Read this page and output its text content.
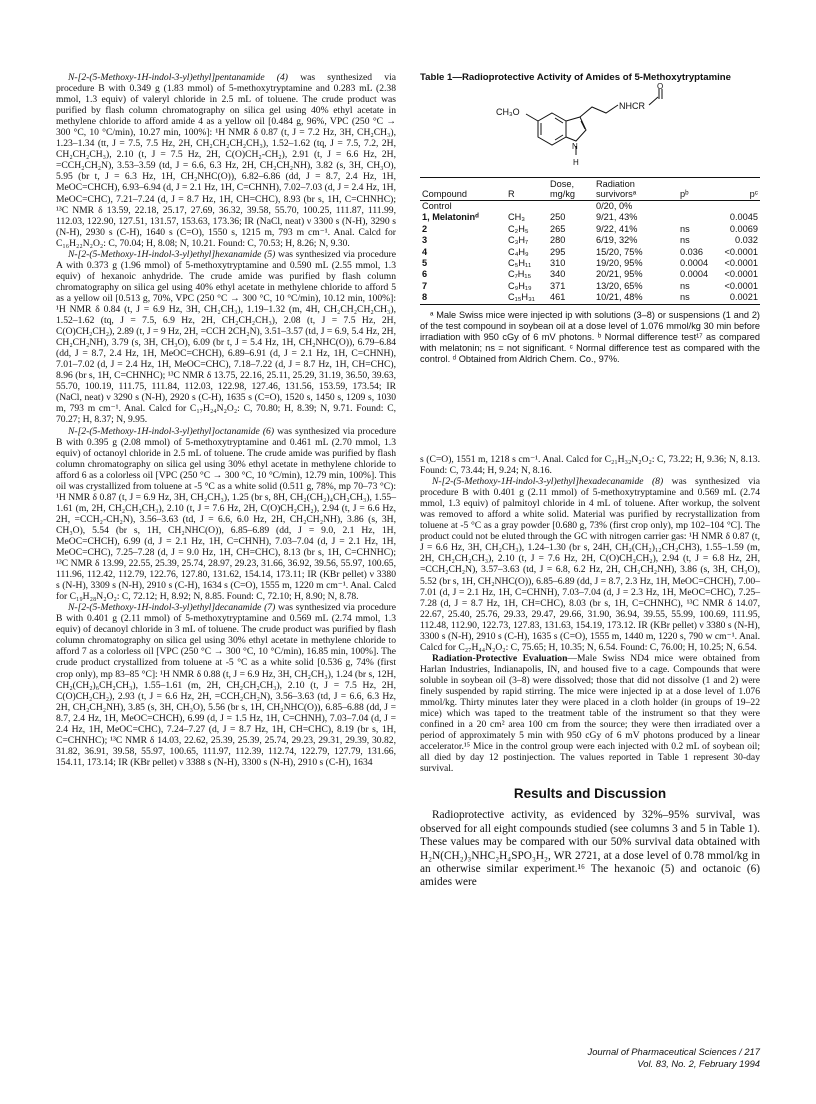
N-[2-(5-Methoxy-1H-indol-3-yl)ethyl]pentanamide (4) was synthesized via procedure B with 0.349 g (1.83 mmol) of 5-methoxytryptamine and 0.283 mL (2.38 mmol, 1.3 equiv) of valeryl chloride in 2.5 mL of toluene. The crude product was purified by flash column chromatography on silica gel using 40% ethyl acetate in methylene chloride to afford amide 4 as a yellow oil [0.484 g, 96%, VPC (250 °C → 300 °C, 10 °C/min), 10.27 min, 100%]: ¹H NMR δ 0.87 (t, J = 7.2 Hz, 3H, CH₂CH₃), 1.23–1.34 (tt, J = 7.5, 7.5 Hz, 2H, CH₂CH₂CH₂CH₃), 1.52–1.62 (tq, J = 7.5, 7.2, 2H, CH₂CH₂CH₃), 2.10 (t, J = 7.5 Hz, 2H, C(O)CH₂-CH₂), 2.91 (t, J = 6.6 Hz, 2H, =CCH₂CH₂N), 3.53–3.59 (td, J = 6.6, 6.3 Hz, 2H, CH₂CH₂NH), 3.82 (s, 3H, CH₃O), 5.95 (br t, J = 6.3 Hz, 1H, CH₂NHC(O)), 6.82–6.86 (dd, J = 8.7, 2.4 Hz, 1H, MeOC=CHCH), 6.93–6.94 (d, J = 2.1 Hz, 1H, C=CHNH), 7.02–7.03 (d, J = 2.4 Hz, 1H, MeOC=CHC), 7.21–7.24 (d, J = 8.7 Hz, 1H, CH=CHC), 8.93 (br s, 1H, C=CHNHC); ¹³C NMR δ 13.59, 22.18, 25.17, 27.69, 36.32, 39.58, 55.70, 100.25, 111.87, 111.99, 112.03, 122.90, 127.51, 131.57, 153.63, 173.36; IR (NaCl, neat) ν 3300 s (N-H), 3290 s (N-H), 2930 s (C-H), 1640 s (C=O), 1550 s, 1215 m, 793 m cm⁻¹. Anal. Calcd for C₁₆H₂₂N₂O₂: C, 70.04; H, 8.08; N, 10.21. Found: C, 70.53; H, 8.26; N, 9.30.

N-[2-(5-Methoxy-1H-indol-3-yl)ethyl]hexanamide (5) was synthesized via procedure A with 0.373 g (1.96 mmol) of 5-methoxytryptamine and 0.590 mL (2.55 mmol, 1.3 equiv) of hexanoic anhydride. The crude amide was purified by flash column chromatography on silica gel using 40% ethyl acetate in methylene chloride to afford 5 as a yellow oil [0.513 g, 70%, VPC (250 °C → 300 °C, 10 °C/min), 10.12 min, 100%]: ¹H NMR δ 0.84 (t, J = 6.9 Hz, 3H, CH₂CH₃), 1.19–1.32 (m, 4H, CH₂CH₂CH₂CH₃), 1.52–1.62 (tq, J = 7.5, 6.9 Hz, 2H, CH₂CH₂CH₃), 2.08 (t, J = 7.5 Hz, 2H, C(O)CH₂CH₂), 2.89 (t, J = 9 Hz, 2H, =CCH 2CH₂N), 3.51–3.57 (td, J = 6.9, 5.4 Hz, 2H, CH₂CH₂NH), 3.79 (s, 3H, CH₃O), 6.09 (br t, J = 5.4 Hz, 1H, CH₂NHC(O)), 6.79–6.84 (dd, J = 8.7, 2.4 Hz, 1H, MeOC=CHCH), 6.89–6.91 (d, J = 2.1 Hz, 1H, C=CHNH), 7.01–7.02 (d, J = 2.4 Hz, 1H, MeOC=CHC), 7.18–7.22 (d, J = 8.7 Hz, 1H, CH=CHC), 8.96 (br s, 1H, C=CHNHC); ¹³C NMR δ 13.75, 22.16, 25.11, 25.29, 31.19, 36.50, 39.63, 55.70, 100.19, 111.75, 111.84, 112.03, 122.98, 127.46, 131.56, 153.59, 173.54; IR (NaCl, neat) ν 3290 s (N-H), 2920 s (C-H), 1635 s (C=O), 1520 s, 1450 s, 1209 s, 1030 m, 793 m cm⁻¹. Anal. Calcd for C₁₇H₂₄N₂O₂: C, 70.80; H, 8.39; N, 9.71. Found: C, 70.27; H, 8.37; N, 9.95.

N-[2-(5-Methoxy-1H-indol-3-yl)ethyl]octanamide (6) was synthesized via procedure B with 0.395 g (2.08 mmol) of 5-methoxytryptamine and 0.461 mL (2.70 mmol, 1.3 equiv) of octanoyl chloride in 2.5 mL of toluene. The crude amide was purified by flash column chromatography on silica gel using 30% ethyl acetate in methylene chloride to afford 6 as a colorless oil [VPC (250 °C → 300 °C, 10 °C/min), 12.79 min, 100%]. This oil was crystallized from toluene at -5 °C as a white solid (0.511 g, 78%, mp 70–73 °C): ¹H NMR δ 0.87 (t, J = 6.9 Hz, 3H, CH₂CH₃), 1.25 (br s, 8H, CH₂(CH₂)₄CH₂CH₃), 1.55–1.61 (m, 2H, CH₂CH₂CH₃), 2.10 (t, J = 7.6 Hz, 2H, C(O)CH₂CH₂), 2.94 (t, J = 6.6 Hz, 2H, =CCH₂-CH₂N), 3.56–3.63 (td, J = 6.6, 6.0 Hz, 2H, CH₂CH₂NH), 3.86 (s, 3H, CH₃O), 5.54 (br s, 1H, CH₂NHC(O)), 6.85–6.89 (dd, J = 9.0, 2.1 Hz, 1H, MeOC=CHCH), 6.99 (d, J = 2.1 Hz, 1H, C=CHNH), 7.03–7.04 (d, J = 2.1 Hz, 1H, MeOC=CHC), 7.25–7.28 (d, J = 9.0 Hz, 1H, CH=CHC), 8.13 (br s, 1H, C=CHNHC); ¹³C NMR δ 13.99, 22.55, 25.39, 25.74, 28.97, 29.23, 31.66, 36.92, 39.56, 55.97, 100.65, 111.96, 112.42, 112.79, 122.76, 127.80, 131.62, 154.14, 173.11; IR (KBr pellet) ν 3380 s (N-H), 3309 s (N-H), 2910 s (C-H), 1634 s (C=O), 1555 m, 1220 m cm⁻¹. Anal. Calcd for C₁₉H₂₈N₂O₂: C, 72.12; H, 8.92; N, 8.85. Found: C, 72.10; H, 8.90; N, 8.78.

N-[2-(5-Methoxy-1H-indol-3-yl)ethyl]decanamide (7) was synthesized via procedure B with 0.401 g (2.11 mmol) of 5-methoxytryptamine and 0.569 mL (2.74 mmol, 1.3 equiv) of decanoyl chloride in 3 mL of toluene. The crude product was purified by flash column chromatography on silica gel using 30% ethyl acetate in methylene chloride to afford 7 as a colorless oil [VPC (250 °C → 300 °C, 10 °C/min), 16.85 min, 100%]. The crude product crystallized from toluene at -5 °C as a white solid [0.536 g, 74% (first crop only), mp 83–85 °C]: ¹H NMR δ 0.88 (t, J = 6.9 Hz, 3H, CH₂CH₃), 1.24 (br s, 12H, CH₂(CH₂)₆CH₂CH₃), 1.55–1.61 (m, 2H, CH₂CH₂CH₃), 2.10 (t, J = 7.5 Hz, 2H, C(O)CH₂CH₂), 2.93 (t, J = 6.6 Hz, 2H, =CCH₂CH₂N), 3.56–3.63 (td, J = 6.6, 6.3 Hz, 2H, CH₂CH₂NH), 3.85 (s, 3H, CH₃O), 5.56 (br s, 1H, CH₂NHC(O)), 6.85–6.88 (dd, J = 8.7, 2.4 Hz, 1H, MeOC=CHCH), 6.99 (d, J = 1.5 Hz, 1H, C=CHNH), 7.03–7.04 (d, J = 2.4 Hz, 1H, MeOC=CHC), 7.24–7.27 (d, J = 8.7 Hz, 1H, CH=CHC), 8.19 (br s, 1H, C=CHNHC); ¹³C NMR δ 14.03, 22.62, 25.39, 25.39, 25.74, 29.23, 29.31, 29.39, 30.82, 31.82, 36.91, 39.58, 55.97, 100.65, 111.97, 112.39, 112.74, 122.79, 127.79, 131.66, 154.11, 173.14; IR (KBr pellet) ν 3388 s (N-H), 3300 s (N-H), 2910 s (C-H), 1634

Table 1—Radioprotective Activity of Amides of 5-Methoxytryptamine
CH₃O
NHCR
O
N
H
Compound	R	Dose,
mg/kg	Radiation
survivorsᵃ	pᵇ	pᶜ
Control			0/20, 0%		
1, Melatoninᵈ	CH₃	250	9/21, 43%		0.0045
2	C₂H₅	265	9/22, 41%	ns	0.0069
3	C₃H₇	280	6/19, 32%	ns	0.032
4	C₄H₉	295	15/20, 75%	0.036	<0.0001
5	C₅H₁₁	310	19/20, 95%	0.0004	<0.0001
6	C₇H₁₅	340	20/21, 95%	0.0004	<0.0001
7	C₉H₁₉	371	13/20, 65%	ns	<0.0001
8	C₁₅H₃₁	461	10/21, 48%	ns	0.0021
ᵃ Male Swiss mice were injected ip with solutions (3–8) or suspensions (1 and 2) of the test compound in soybean oil at a dose level of 1.076 mmol/kg 30 min before irradiation with 950 cGy of 6 mV photons. ᵇ Normal difference test¹⁷ as compared with melatonin; ns = not significant. ᶜ Normal difference test as compared with the control. ᵈ Obtained from Aldrich Chem. Co., 97%.

s (C=O), 1551 m, 1218 s cm⁻¹. Anal. Calcd for C₂₁H₃₂N₂O₂: C, 73.22; H, 9.36; N, 8.13. Found: C, 73.44; H, 9.24; N, 8.16.

N-[2-(5-Methoxy-1H-indol-3-yl)ethyl]hexadecanamide (8) was synthesized via procedure B with 0.401 g (2.11 mmol) of 5-methoxytryptamine and 0.569 mL (2.74 mmol, 1.3 equiv) of palmitoyl chloride in 4 mL of toluene. After workup, the solvent was removed to afford a white solid. Material was purified by recrystallization from toluene at -5 °C as a gray powder [0.680 g, 73% (first crop only), mp 102–104 °C]. The product could not be eluted through the GC with nitrogen carrier gas: ¹H NMR δ 0.87 (t, J = 6.6 Hz, 3H, CH₂CH₃), 1.24–1.30 (br s, 24H, CH₂(CH₂)₁₂CH₂CH3), 1.55–1.59 (m, 2H, CH₂CH₂CH₃), 2.10 (t, J = 7.6 Hz, 2H, C(O)CH₂CH₂), 2.94 (t, J = 6.8 Hz, 2H, =CCH₂CH₂N), 3.57–3.63 (td, J = 6.8, 6.2 Hz, 2H, CH₂CH₂NH), 3.86 (s, 3H, CH₃O), 5.52 (br s, 1H, CH₂NHC(O)), 6.85–6.89 (dd, J = 8.7, 2.3 Hz, 1H, MeOC=CHCH), 7.00–7.01 (d, J = 2.1 Hz, 1H, C=CHNH), 7.03–7.04 (d, J = 2.3 Hz, 1H, MeOC=CHC), 7.25–7.28 (d, J = 8.7 Hz, 1H, CH=CHC), 8.03 (br s, 1H, C=CHNHC), ¹³C NMR δ 14.07, 22.67, 25.40, 25.76, 29.33, 29.47, 29.66, 31.90, 36.94, 39.55, 55.99, 100.69, 111.95, 112.48, 112.90, 122.73, 127.83, 131.63, 154.19, 173.12. IR (KBr pellet) ν 3380 s (N-H), 3300 s (N-H), 2910 s (C-H), 1635 s (C=O), 1555 m, 1440 m, 1220 s, 790 w cm⁻¹. Anal. Calcd for C₂₇H₄₄N₂O₂: C, 75.65; H, 10.35; N, 6.54. Found: C, 76.00; H, 10.25; N, 6.54.

Radiation-Protective Evaluation—Male Swiss ND4 mice were obtained from Harlan Industries, Indianapolis, IN, and housed five to a cage. Compounds that were soluble in soybean oil (3–8) were dissolved; those that did not dissolve (1 and 2) were finely suspended by rapid stirring. The mice were injected ip at a dose level of 1.076 mmol/kg. Thirty minutes later they were placed in a cloth holder (in groups of 19–22 mice) which was taped to the treatment table of the instrument so that they were confined in a 20 cm² area 100 cm from the source; they were then irradiated over a period of approximately 5 min with 950 cGy of 6 mV photons produced by a linear accelerator.¹⁵ Mice in the control group were each injected with 0.2 mL of soybean oil; all died by day 12 postinjection. The values reported in Table 1 represent 30-day survival.

Results and Discussion

Radioprotective activity, as evidenced by 32%–95% survival, was observed for all eight compounds studied (see columns 3 and 5 in Table 1). These values may be compared with our 50% survival data obtained with H₂N(CH₂)₃NHC₂H₄SPO₃H₂, WR 2721, at a dose level of 0.78 mmol/kg in an otherwise similar experiment.¹⁶ The hexanoic (5) and octanoic (6) amides were

Journal of Pharmaceutical Sciences / 217
Vol. 83, No. 2, February 1994
